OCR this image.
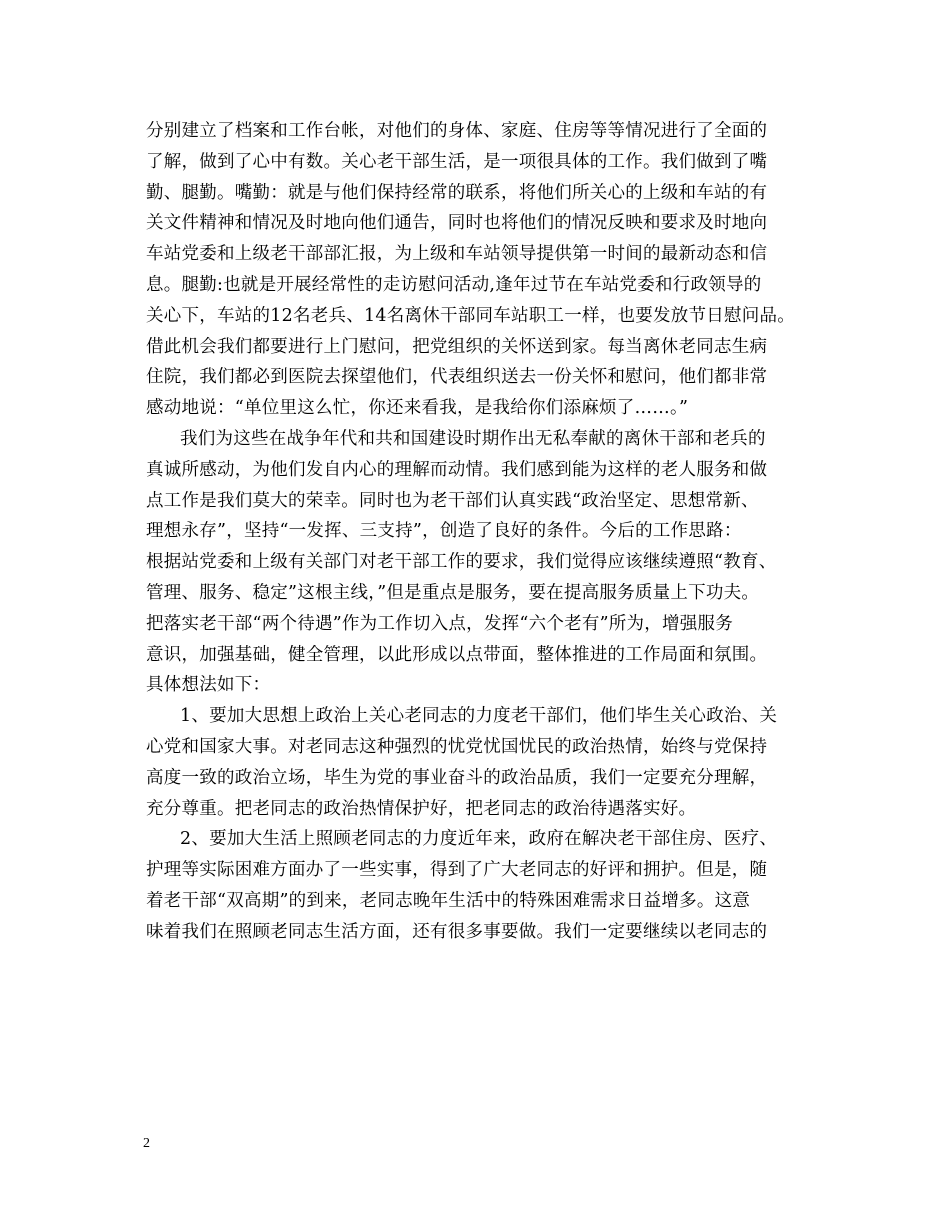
分别建立了档案和工作台帐，对他们的身体、家庭、住房等等情况进行了全面的
了解，做到了心中有数。关心老干部生活，是一项很具体的工作。我们做到了嘴
勤、腿勤。嘴勤：就是与他们保持经常的联系，将他们所关心的上级和车站的有
关文件精神和情况及时地向他们通告，同时也将他们的情况反映和要求及时地向
车站党委和上级老干部部汇报，为上级和车站领导提供第一时间的最新动态和信
息。腿勤:也就是开展经常性的走访慰问活动,逢年过节在车站党委和行政领导的
关心下，车站的12名老兵、14名离休干部同车站职工一样，也要发放节日慰问品。
借此机会我们都要进行上门慰问，把党组织的关怀送到家。每当离休老同志生病
住院，我们都必到医院去探望他们，代表组织送去一份关怀和慰问，他们都非常
感动地说：“单位里这么忙，你还来看我，是我给你们添麻烦了……。”
我们为这些在战争年代和共和国建设时期作出无私奉献的离休干部和老兵的
真诚所感动，为他们发自内心的理解而动情。我们感到能为这样的老人服务和做
点工作是我们莫大的荣幸。同时也为老干部们认真实践“政治坚定、思想常新、
理想永存”，坚持“一发挥、三支持”，创造了良好的条件。今后的工作思路：
根据站党委和上级有关部门对老干部工作的要求，我们觉得应该继续遵照“教育、
管理、服务、稳定”这根主线，”但是重点是服务，要在提高服务质量上下功夫。
把落实老干部“两个待遇”作为工作切入点，发挥“六个老有”所为，增强服务
意识，加强基础，健全管理，以此形成以点带面，整体推进的工作局面和氛围。
具体想法如下：
1、要加大思想上政治上关心老同志的力度老干部们，他们毕生关心政治、关
心党和国家大事。对老同志这种强烈的忧党忧国忧民的政治热情，始终与党保持
高度一致的政治立场，毕生为党的事业奋斗的政治品质，我们一定要充分理解，
充分尊重。把老同志的政治热情保护好，把老同志的政治待遇落实好。
2、要加大生活上照顾老同志的力度近年来，政府在解决老干部住房、医疗、
护理等实际困难方面办了一些实事，得到了广大老同志的好评和拥护。但是，随
着老干部“双高期”的到来，老同志晚年生活中的特殊困难需求日益增多。这意
味着我们在照顾老同志生活方面，还有很多事要做。我们一定要继续以老同志的
2
